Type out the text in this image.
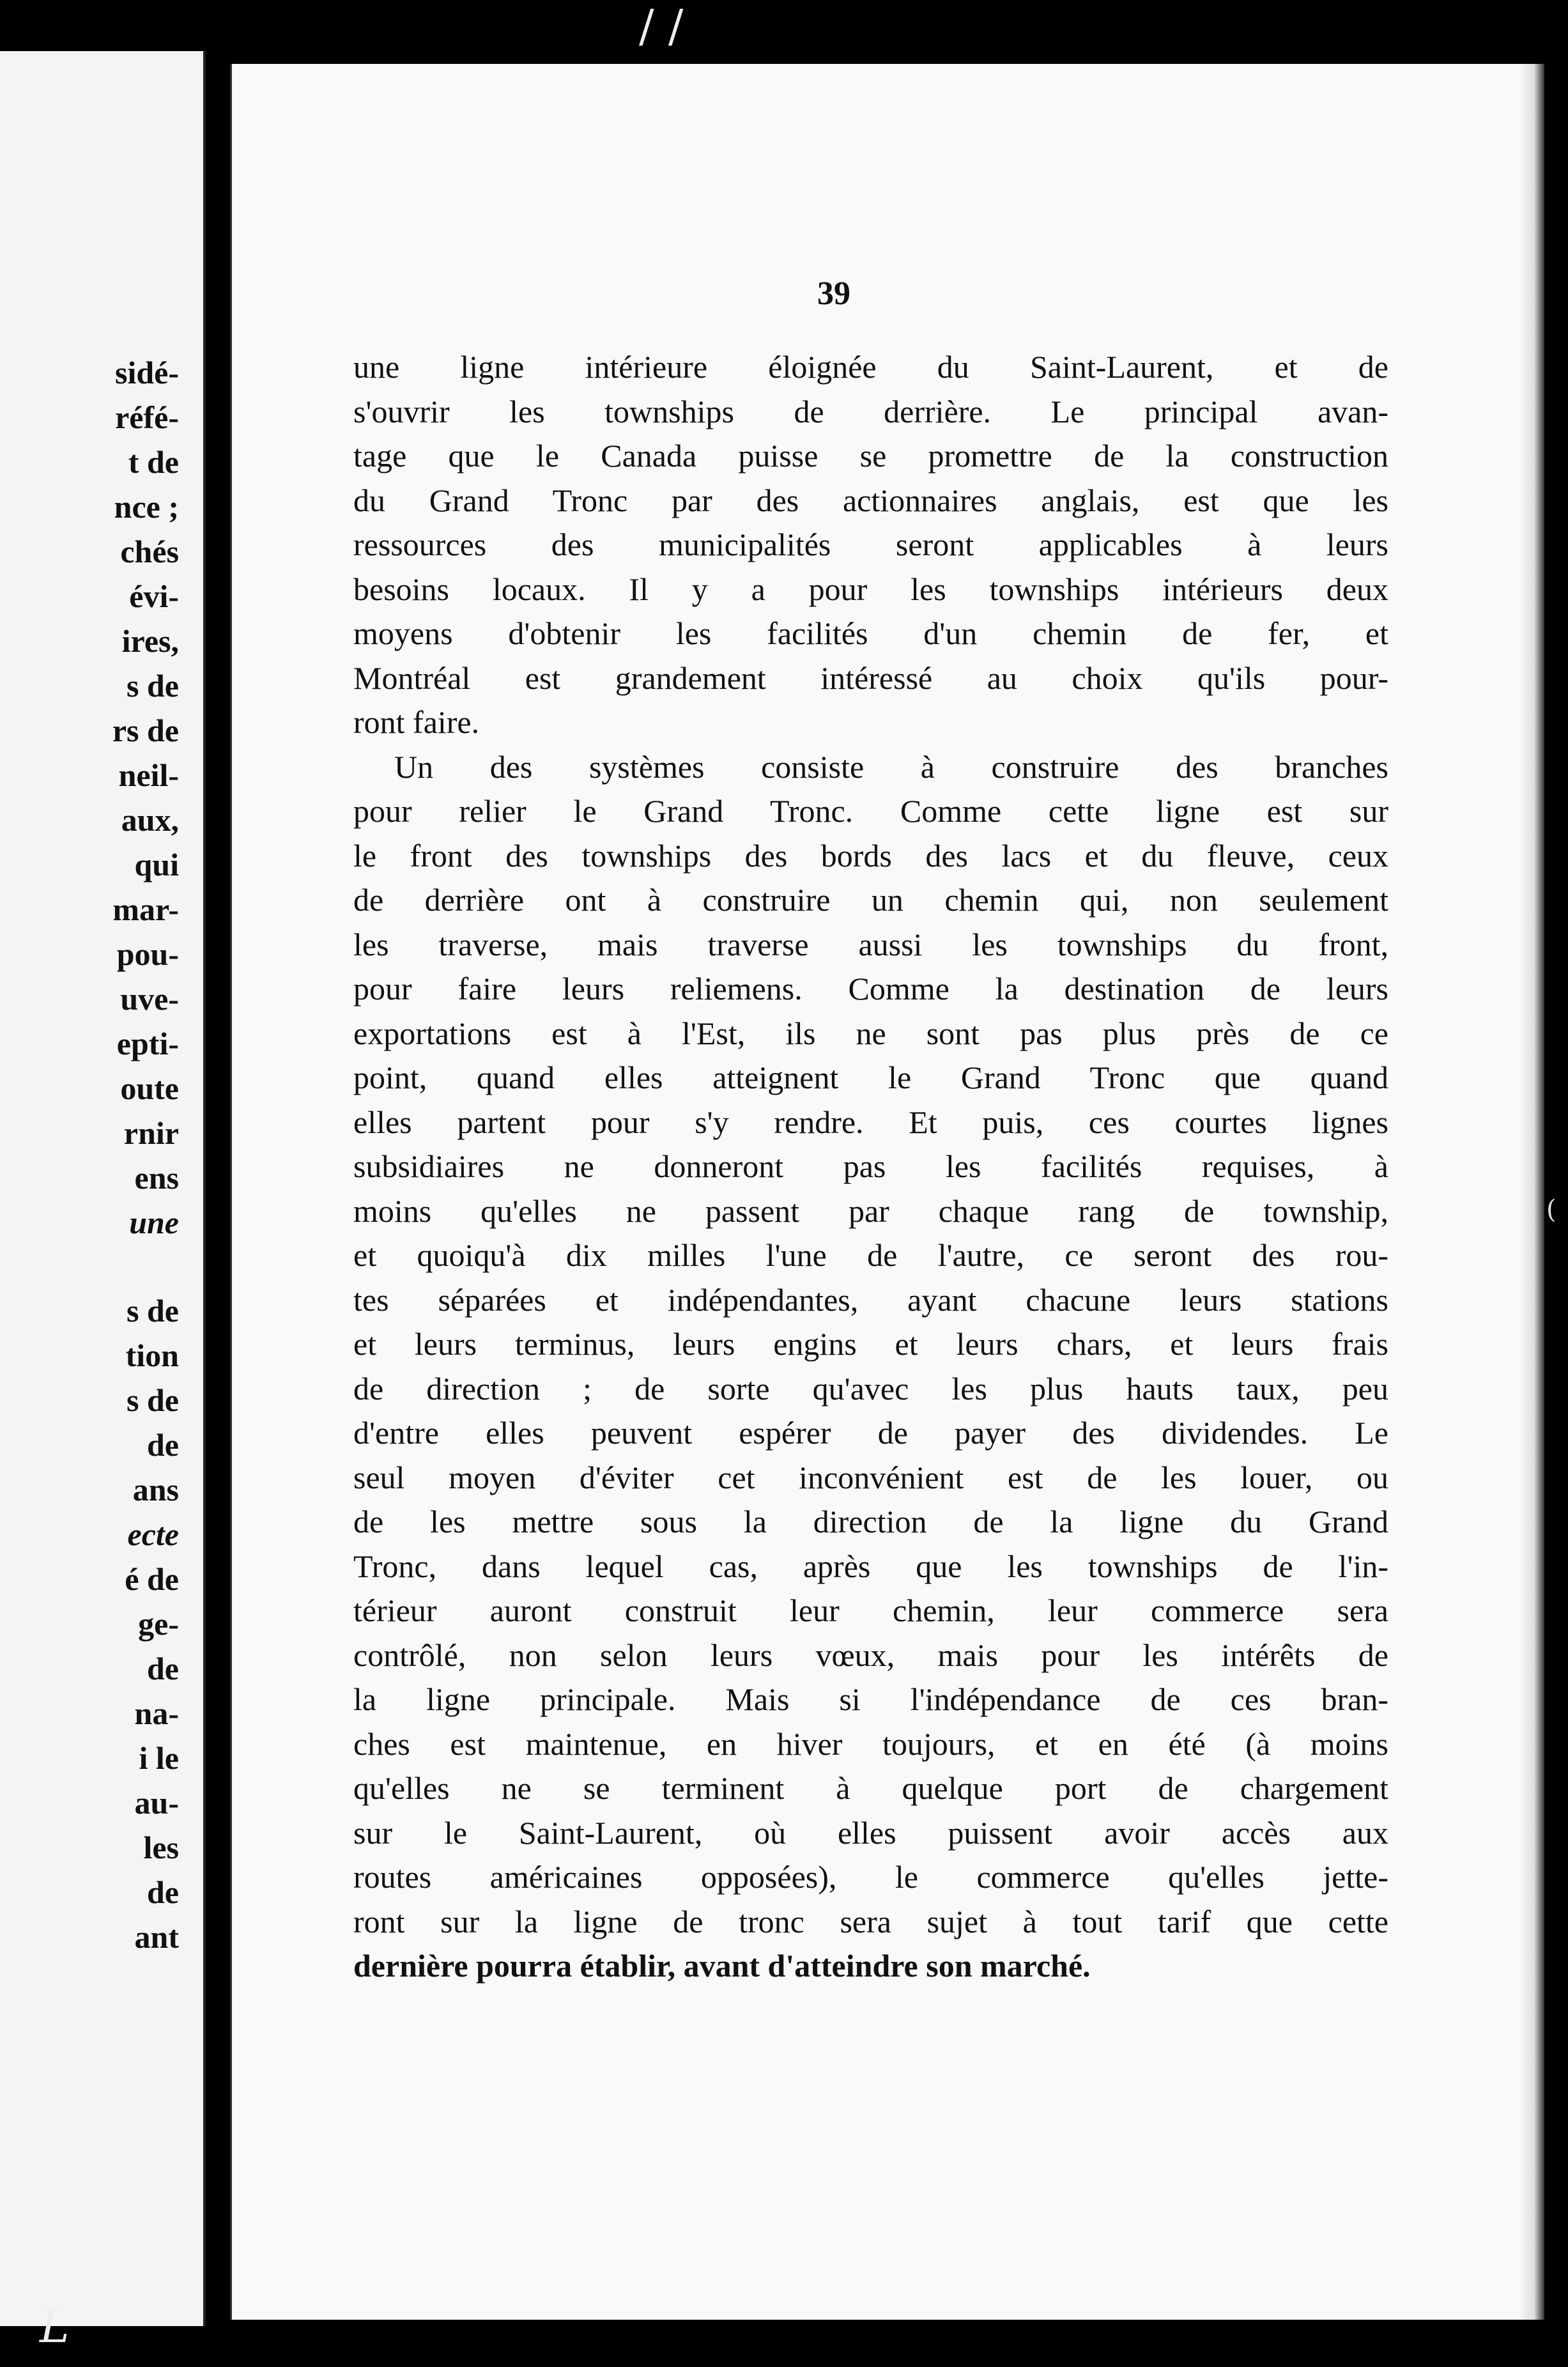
sidé-
réfé-
t de
nce ;
chés
évi-
ires,
s de
rs de
neil-
aux,
qui
mar-
pou-
uve-
epti-
oute
rnir
ens
une
s de
tion
s de
de
ans
ecte
é de
ge-
de
na-
i le
au-
les
de
ant
39
une ligne intérieure éloignée du Saint-Laurent, et de
s'ouvrir les townships de derrière. Le principal avan-
tage que le Canada puisse se promettre de la construction
du Grand Tronc par des actionnaires anglais, est que les
ressources des municipalités seront applicables à leurs
besoins locaux. Il y a pour les townships intérieurs deux
moyens d'obtenir les facilités d'un chemin de fer, et
Montréal est grandement intéressé au choix qu'ils pour-
ront faire.
Un des systèmes consiste à construire des branches
pour relier le Grand Tronc. Comme cette ligne est sur
le front des townships des bords des lacs et du fleuve, ceux
de derrière ont à construire un chemin qui, non seulement
les traverse, mais traverse aussi les townships du front,
pour faire leurs reliemens. Comme la destination de leurs
exportations est à l'Est, ils ne sont pas plus près de ce
point, quand elles atteignent le Grand Tronc que quand
elles partent pour s'y rendre. Et puis, ces courtes lignes
subsidiaires ne donneront pas les facilités requises, à
moins qu'elles ne passent par chaque rang de township,
et quoiqu'à dix milles l'une de l'autre, ce seront des rou-
tes séparées et indépendantes, ayant chacune leurs stations
et leurs terminus, leurs engins et leurs chars, et leurs frais
de direction ; de sorte qu'avec les plus hauts taux, peu
d'entre elles peuvent espérer de payer des dividendes. Le
seul moyen d'éviter cet inconvénient est de les louer, ou
de les mettre sous la direction de la ligne du Grand
Tronc, dans lequel cas, après que les townships de l'in-
térieur auront construit leur chemin, leur commerce sera
contrôlé, non selon leurs vœux, mais pour les intérêts de
la ligne principale. Mais si l'indépendance de ces bran-
ches est maintenue, en hiver toujours, et en été (à moins
qu'elles ne se terminent à quelque port de chargement
sur le Saint-Laurent, où elles puissent avoir accès aux
routes américaines opposées), le commerce qu'elles jette-
ront sur la ligne de tronc sera sujet à tout tarif que cette
dernière pourra établir, avant d'atteindre son marché.
/ /
L
(
